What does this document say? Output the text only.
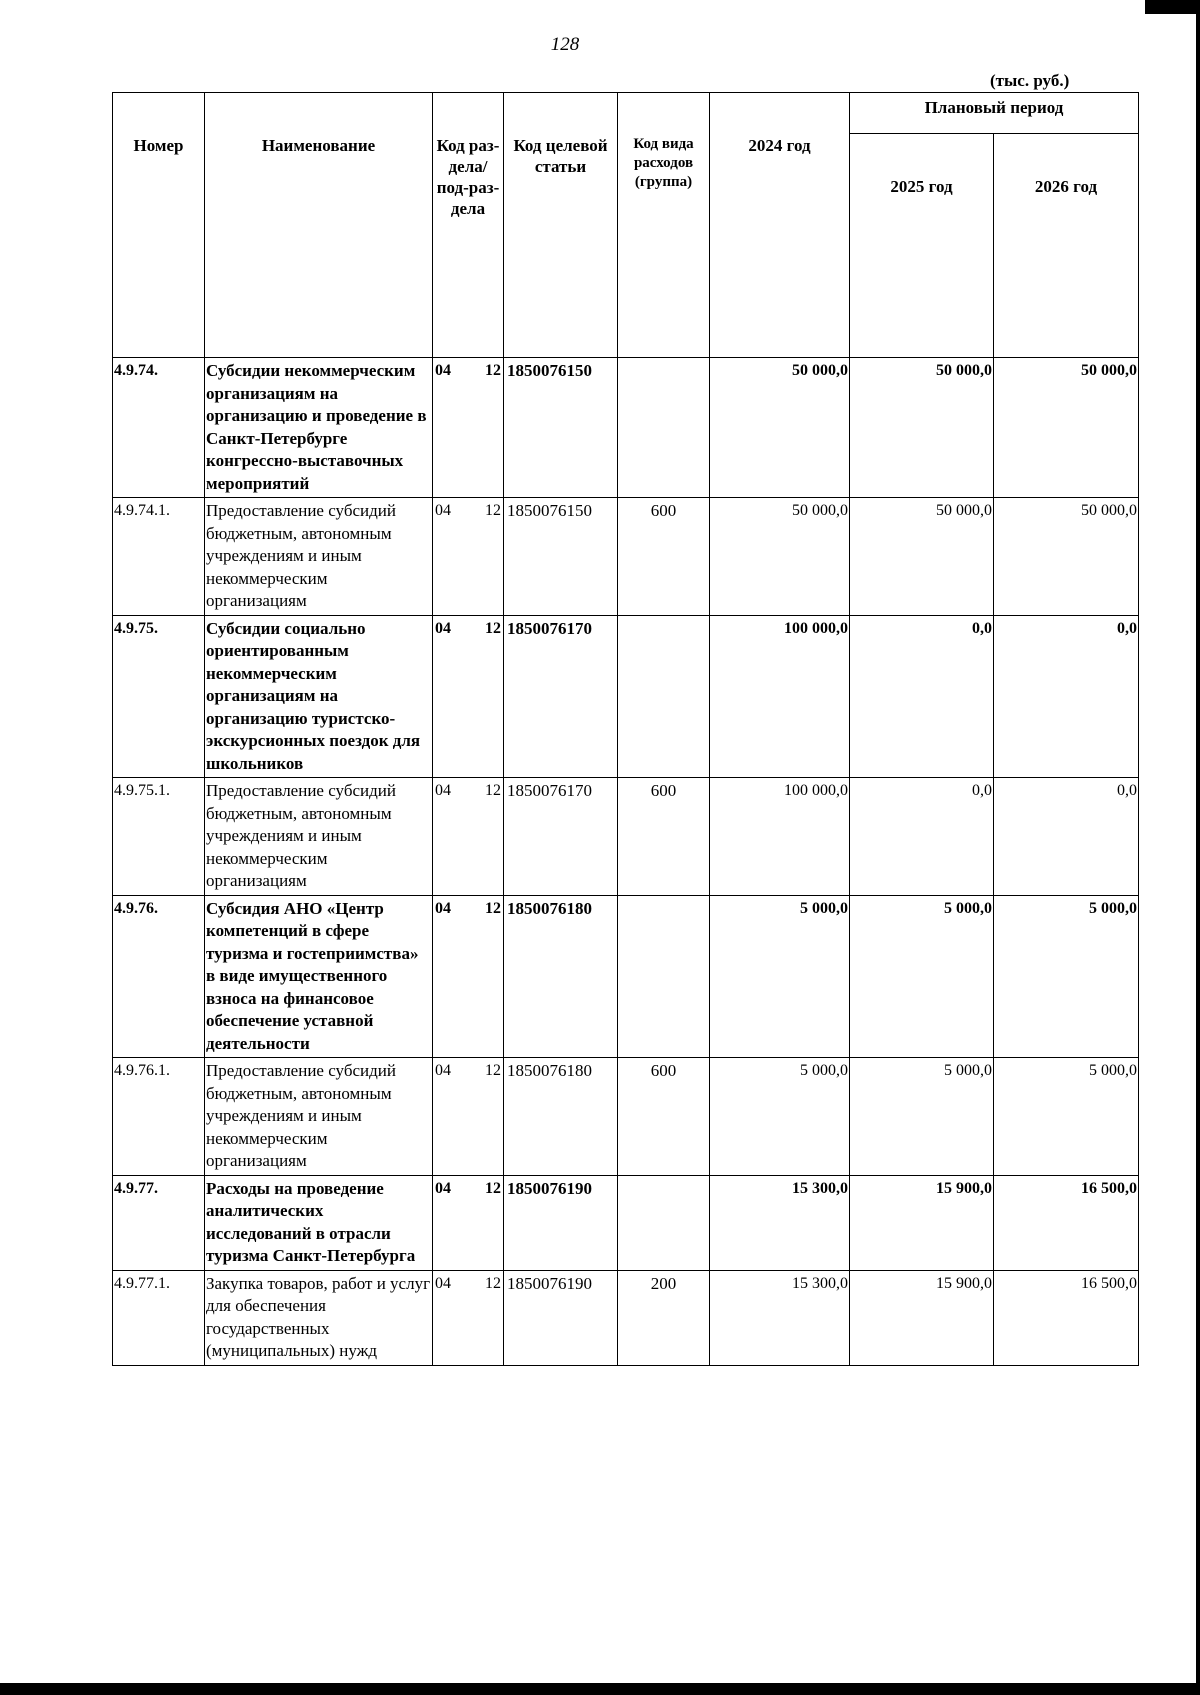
128
(тыс. руб.)
Номер	Наименование	Код раз-дела/ под-раз-дела	Код целевой статьи	Код вида расходов (группа)	2024 год	Плановый период	
						2025 год	2026 год
4.9.74.	Субсидии некоммерческим организациям на организацию и проведение в Санкт-Петербурге конгрессно-выставочных мероприятий	04 12	1850076150		50 000,0	50 000,0	50 000,0
4.9.74.1.	Предоставление субсидий бюджетным, автономным учреждениям и иным некоммерческим организациям	04 12	1850076150	600	50 000,0	50 000,0	50 000,0
4.9.75.	Субсидии социально ориентированным некоммерческим организациям на организацию туристско-экскурсионных поездок для школьников	04 12	1850076170		100 000,0	0,0	0,0
4.9.75.1.	Предоставление субсидий бюджетным, автономным учреждениям и иным некоммерческим организациям	04 12	1850076170	600	100 000,0	0,0	0,0
4.9.76.	Субсидия АНО «Центр компетенций в сфере туризма и гостеприимства» в виде имущественного взноса на финансовое обеспечение уставной деятельности	04 12	1850076180		5 000,0	5 000,0	5 000,0
4.9.76.1.	Предоставление субсидий бюджетным, автономным учреждениям и иным некоммерческим организациям	04 12	1850076180	600	5 000,0	5 000,0	5 000,0
4.9.77.	Расходы на проведение аналитических исследований в отрасли туризма Санкт-Петербурга	04 12	1850076190		15 300,0	15 900,0	16 500,0
4.9.77.1.	Закупка товаров, работ и услуг для обеспечения государственных (муниципальных) нужд	04 12	1850076190	200	15 300,0	15 900,0	16 500,0
